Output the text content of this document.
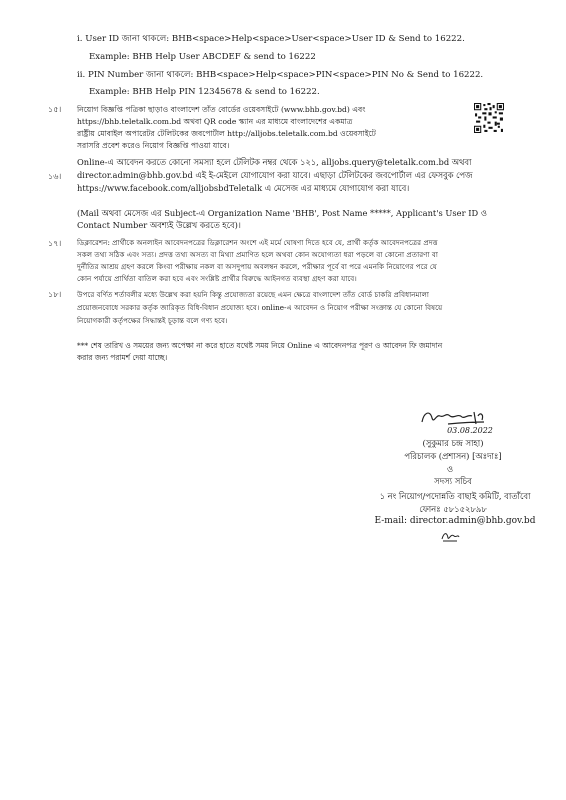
i. User ID জানা থাকলে: BHB<space>Help<space>User<space>User ID & Send to 16222.
Example: BHB Help User ABCDEF & send to 16222
ii. PIN Number জানা থাকলে: BHB<space>Help<space>PIN<space>PIN No & Send to 16222.
Example: BHB Help PIN 12345678 & send to 16222.
১৫। নিয়োগ বিজ্ঞপ্তি পত্রিকা ছাড়াও বাংলাদেশ তাঁত বোর্ডের ওয়েবসাইটে (www.bhb.gov.bd) এবং
https://bhb.teletalk.com.bd অথবা QR code স্ক্যান এর মাধ্যমে বাংলাদেশের একমাত্র
রাষ্ট্রীয় মোবাইল অপারেটর টেলিটকের জবপোর্টাল http://alljobs.teletalk.com.bd ওয়েবসাইটে
সরাসরি প্রবেশ করেও নিয়োগ বিজ্ঞপ্তি পাওয়া যাবে।
১৬।
Online-এ আবেদন করতে কোনো সমস্যা হলে টেলিটক নম্বর থেকে ১২১, alljobs.query@teletalk.com.bd অথবা
director.admin@bhb.gov.bd এই ই-মেইলে যোগাযোগ করা যাবে। এছাড়া টেলিটকের জবপোর্টাল এর ফেসবুক পেজ
https://www.facebook.com/alljobsbdTeletalk এ মেসেজ এর মাধ্যমে যোগাযোগ করা যাবে।
(Mail অথবা মেসেজ এর Subject-এ Organization Name 'BHB', Post Name *****, Applicant's User ID ও
Contact Number অবশ্যই উল্লেখ করতে হবে)।
১৭। ডিক্লারেশন: প্রার্থীকে অনলাইন আবেদনপত্রের ডিক্লারেশন অংশে এই মর্মে ঘোষণা দিতে হবে যে, প্রার্থী কর্তৃক আবেদনপত্রের প্রদত্ত
সকল তথ্য সঠিক এবং সত্য। প্রদত্ত তথ্য অসত্য বা মিথ্যা প্রমাণিত হলে অথবা কোন অযোগ্যতা ধরা পড়লে বা কোনো প্রতারণা বা
দুর্নীতির আশ্রয় গ্রহণ করলে কিংবা পরীক্ষায় নকল বা অসদুপায় অবলম্বন করলে, পরীক্ষার পূর্বে বা পরে এমনকি নিয়োগের পরে যে
কোন পর্যায়ে প্রার্থিতা বাতিল করা হবে এবং সংশ্লিষ্ট প্রার্থীর বিরুদ্ধে আইনগত ব্যবস্থা গ্রহণ করা যাবে।
১৮। উপরে বর্ণিত শর্তাবলীর মধ্যে উল্লেখ করা হয়নি কিন্তু প্রযোজ্যতা রয়েছে এমন ক্ষেত্রে বাংলাদেশ তাঁত বোর্ড চাকরি প্রবিধানমালা
প্রয়োজনবোধে সরকার কর্তৃক জারিকৃত বিধি-বিধান প্রযোজ্য হবে। online-এ আবেদন ও নিয়োগ পরীক্ষা সংক্রান্ত যে কোনো বিষয়ে
নিয়োগকারী কর্তৃপক্ষের সিদ্ধান্তই চূড়ান্ত বলে গণ্য হবে।
*** শেষ তারিখ ও সময়ের জন্য অপেক্ষা না করে হাতে যথেষ্ট সময় নিয়ে Online এ আবেদনপত্র পূরণ ও আবেদন ফি জমাদান
করার জন্য পরামর্শ দেয়া যাচ্ছে।
03.08.2022
(সুকুমার চন্দ্র সাহা)
পরিচালক (প্রশাসন) [অঃদাঃ]
ও
সদস্য সচিব
১ নং নিয়োগ/পদোন্নতি বাছাই কমিটি, বাতাঁবো
ফোনঃ ৫৮১৫২৮৯৮
E-mail: director.admin@bhb.gov.bd
